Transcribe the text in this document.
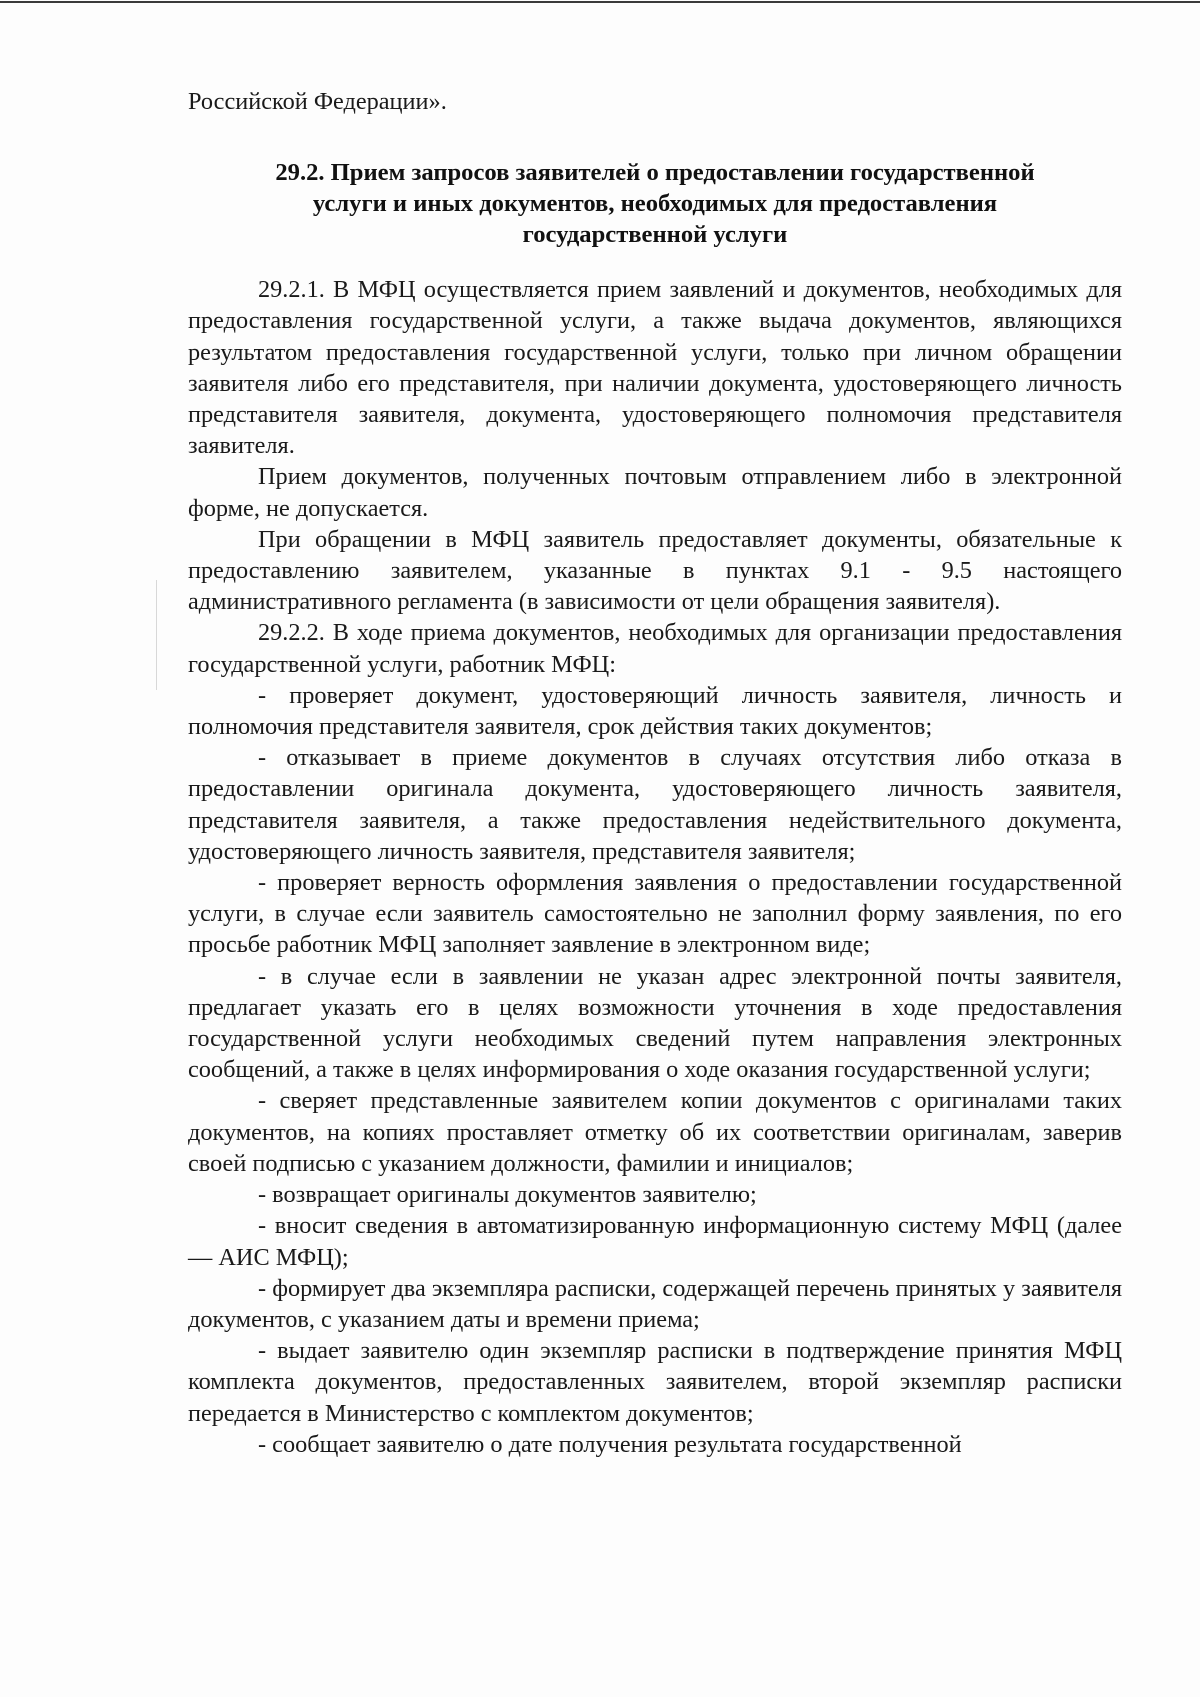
Российской Федерации».

29.2. Прием запросов заявителей о предоставлении государственной услуги и иных документов, необходимых для предоставления государственной услуги

29.2.1. В МФЦ осуществляется прием заявлений и документов, необходимых для предоставления государственной услуги, а также выдача документов, являющихся результатом предоставления государственной услуги, только при личном обращении заявителя либо его представителя, при наличии документа, удостоверяющего личность представителя заявителя, документа, удостоверяющего полномочия представителя заявителя.

Прием документов, полученных почтовым отправлением либо в электронной форме, не допускается.

При обращении в МФЦ заявитель предоставляет документы, обязательные к предоставлению заявителем, указанные в пунктах 9.1 - 9.5 настоящего административного регламента (в зависимости от цели обращения заявителя).

29.2.2. В ходе приема документов, необходимых для организации предоставления государственной услуги, работник МФЦ:

- проверяет документ, удостоверяющий личность заявителя, личность и полномочия представителя заявителя, срок действия таких документов;

- отказывает в приеме документов в случаях отсутствия либо отказа в предоставлении оригинала документа, удостоверяющего личность заявителя, представителя заявителя, а также предоставления недействительного документа, удостоверяющего личность заявителя, представителя заявителя;

- проверяет верность оформления заявления о предоставлении государственной услуги, в случае если заявитель самостоятельно не заполнил форму заявления, по его просьбе работник МФЦ заполняет заявление в электронном виде;

- в случае если в заявлении не указан адрес электронной почты заявителя, предлагает указать его в целях возможности уточнения в ходе предоставления государственной услуги необходимых сведений путем направления электронных сообщений, а также в целях информирования о ходе оказания государственной услуги;

- сверяет представленные заявителем копии документов с оригиналами таких документов, на копиях проставляет отметку об их соответствии оригиналам, заверив своей подписью с указанием должности, фамилии и инициалов;

- возвращает оригиналы документов заявителю;

- вносит сведения в автоматизированную информационную систему МФЦ (далее — АИС МФЦ);

- формирует два экземпляра расписки, содержащей перечень принятых у заявителя документов, с указанием даты и времени приема;

- выдает заявителю один экземпляр расписки в подтверждение принятия МФЦ комплекта документов, предоставленных заявителем, второй экземпляр расписки передается в Министерство с комплектом документов;

- сообщает заявителю о дате получения результата государственной
